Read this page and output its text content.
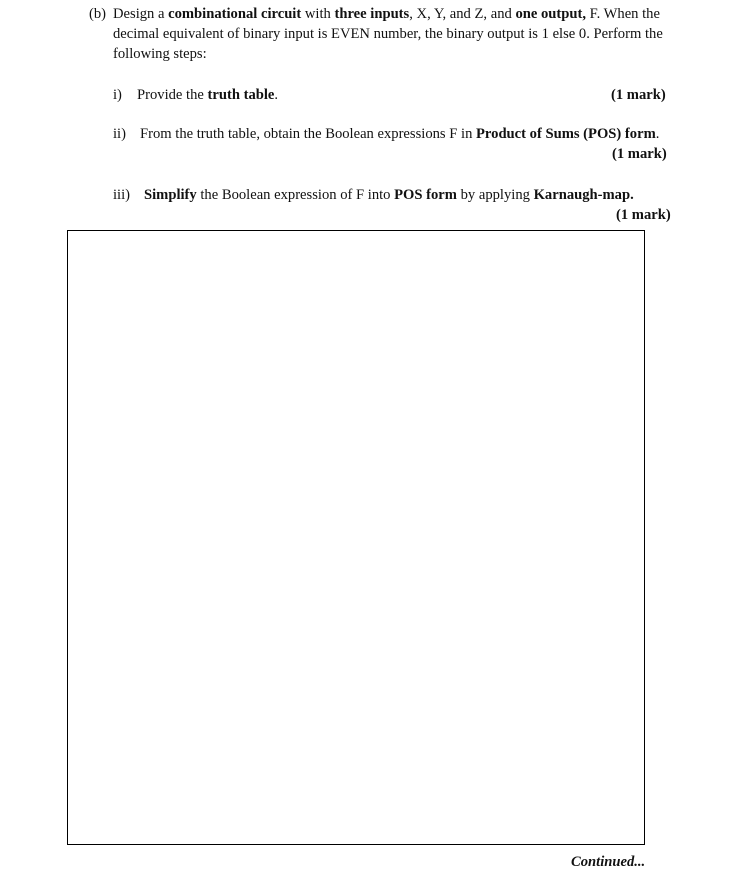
(b) Design a combinational circuit with three inputs, X, Y, and Z, and one output, F. When the
decimal equivalent of binary input is EVEN number, the binary output is 1 else 0. Perform the
following steps:
i) Provide the truth table.	(1 mark)
ii) From the truth table, obtain the Boolean expressions F in Product of Sums (POS) form.
(1 mark)
iii) Simplify the Boolean expression of F into POS form by applying Karnaugh-map.
(1 mark)
Continued...
